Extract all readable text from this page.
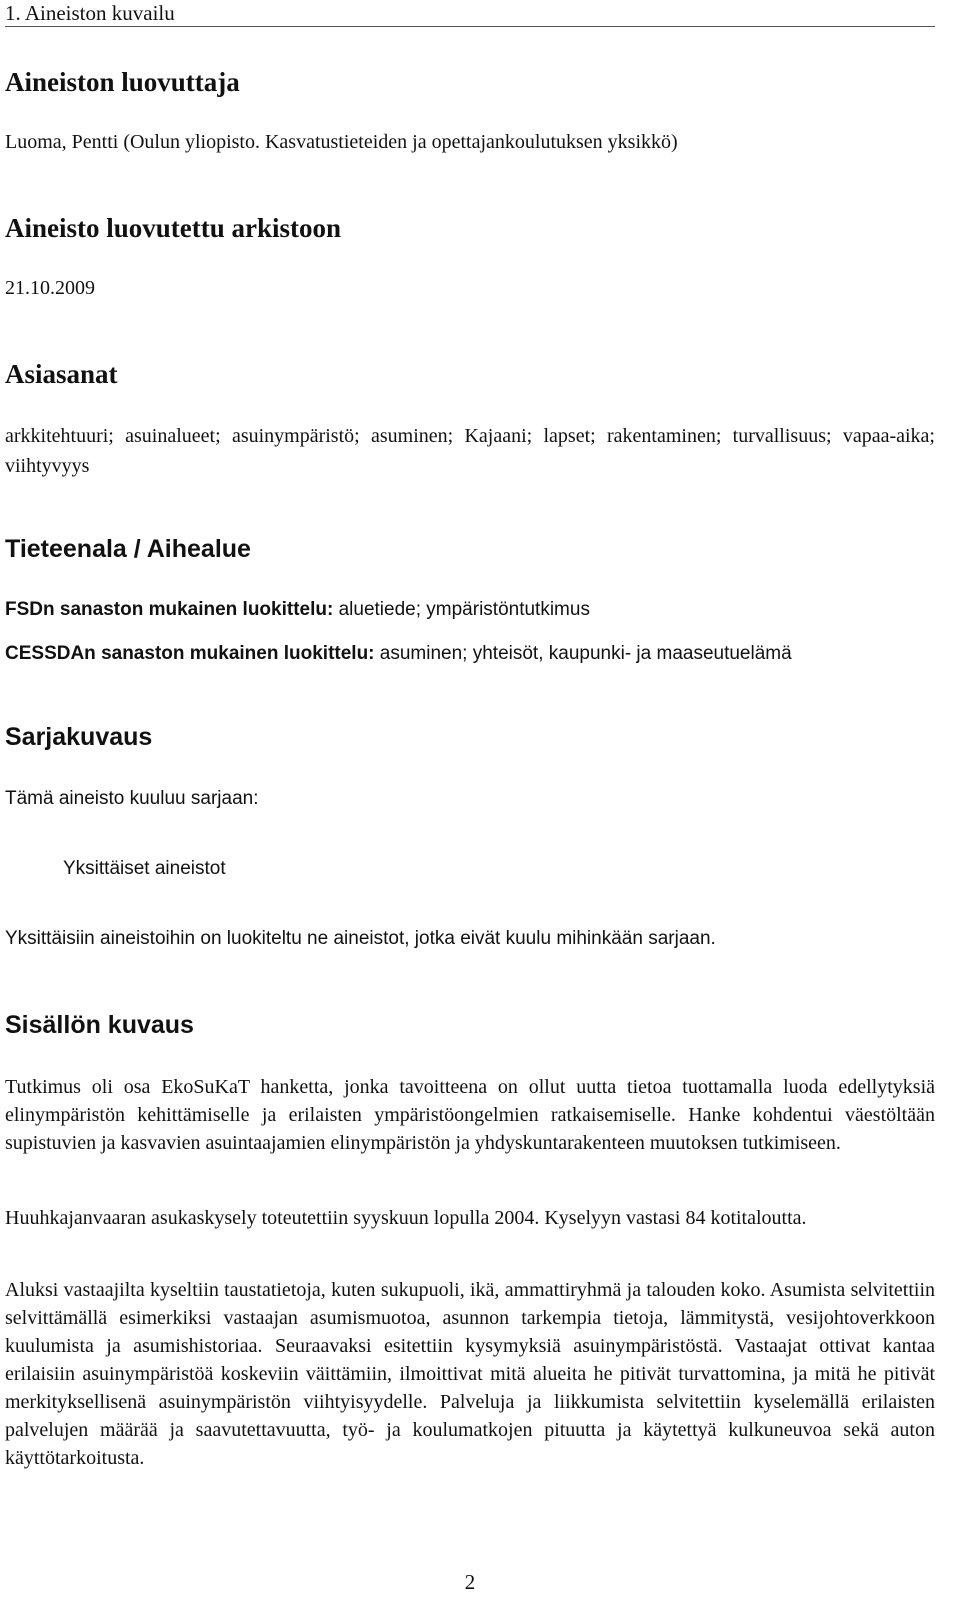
1. Aineiston kuvailu
Aineiston luovuttaja

Luoma, Pentti (Oulun yliopisto. Kasvatustieteiden ja opettajankoulutuksen yksikkö)

Aineisto luovutettu arkistoon

21.10.2009

Asiasanat

arkkitehtuuri; asuinalueet; asuinympäristö; asuminen; Kajaani; lapset; rakentaminen; turvallisuus; vapaa-aika; viihtyvyys

Tieteenala / Aihealue

FSDn sanaston mukainen luokittelu: aluetiede; ympäristöntutkimus

CESSDAn sanaston mukainen luokittelu: asuminen; yhteisöt, kaupunki- ja maaseutuelämä

Sarjakuvaus

Tämä aineisto kuuluu sarjaan:

Yksittäiset aineistot

Yksittäisiin aineistoihin on luokiteltu ne aineistot, jotka eivät kuulu mihinkään sarjaan.

Sisällön kuvaus

Tutkimus oli osa EkoSuKaT hanketta, jonka tavoitteena on ollut uutta tietoa tuottamalla luoda edellytyksiä elinympäristön kehittämiselle ja erilaisten ympäristöongelmien ratkaisemiselle. Hanke kohdentui väestöltään supistuvien ja kasvavien asuintaajamien elinympäristön ja yhdyskuntarakenteen muutoksen tutkimiseen.

Huuhkajanvaaran asukaskysely toteutettiin syyskuun lopulla 2004. Kyselyyn vastasi 84 kotitaloutta.

Aluksi vastaajilta kyseltiin taustatietoja, kuten sukupuoli, ikä, ammattiryhmä ja talouden koko. Asumista selvitettiin selvittämällä esimerkiksi vastaajan asumismuotoa, asunnon tarkempia tietoja, lämmitystä, vesijohtoverkkoon kuulumista ja asumishistoriaa. Seuraavaksi esitettiin kysymyksiä asuinympäristöstä. Vastaajat ottivat kantaa erilaisiin asuinympäristöä koskeviin väittämiin, ilmoittivat mitä alueita he pitivät turvattomina, ja mitä he pitivät merkityksellisenä asuinympäristön viihtyisyydelle. Palveluja ja liikkumista selvitettiin kyselemällä erilaisten palvelujen määrää ja saavutettavuutta, työ- ja koulumatkojen pituutta ja käytettyä kulkuneuvoa sekä auton käyttötarkoitusta.

2
